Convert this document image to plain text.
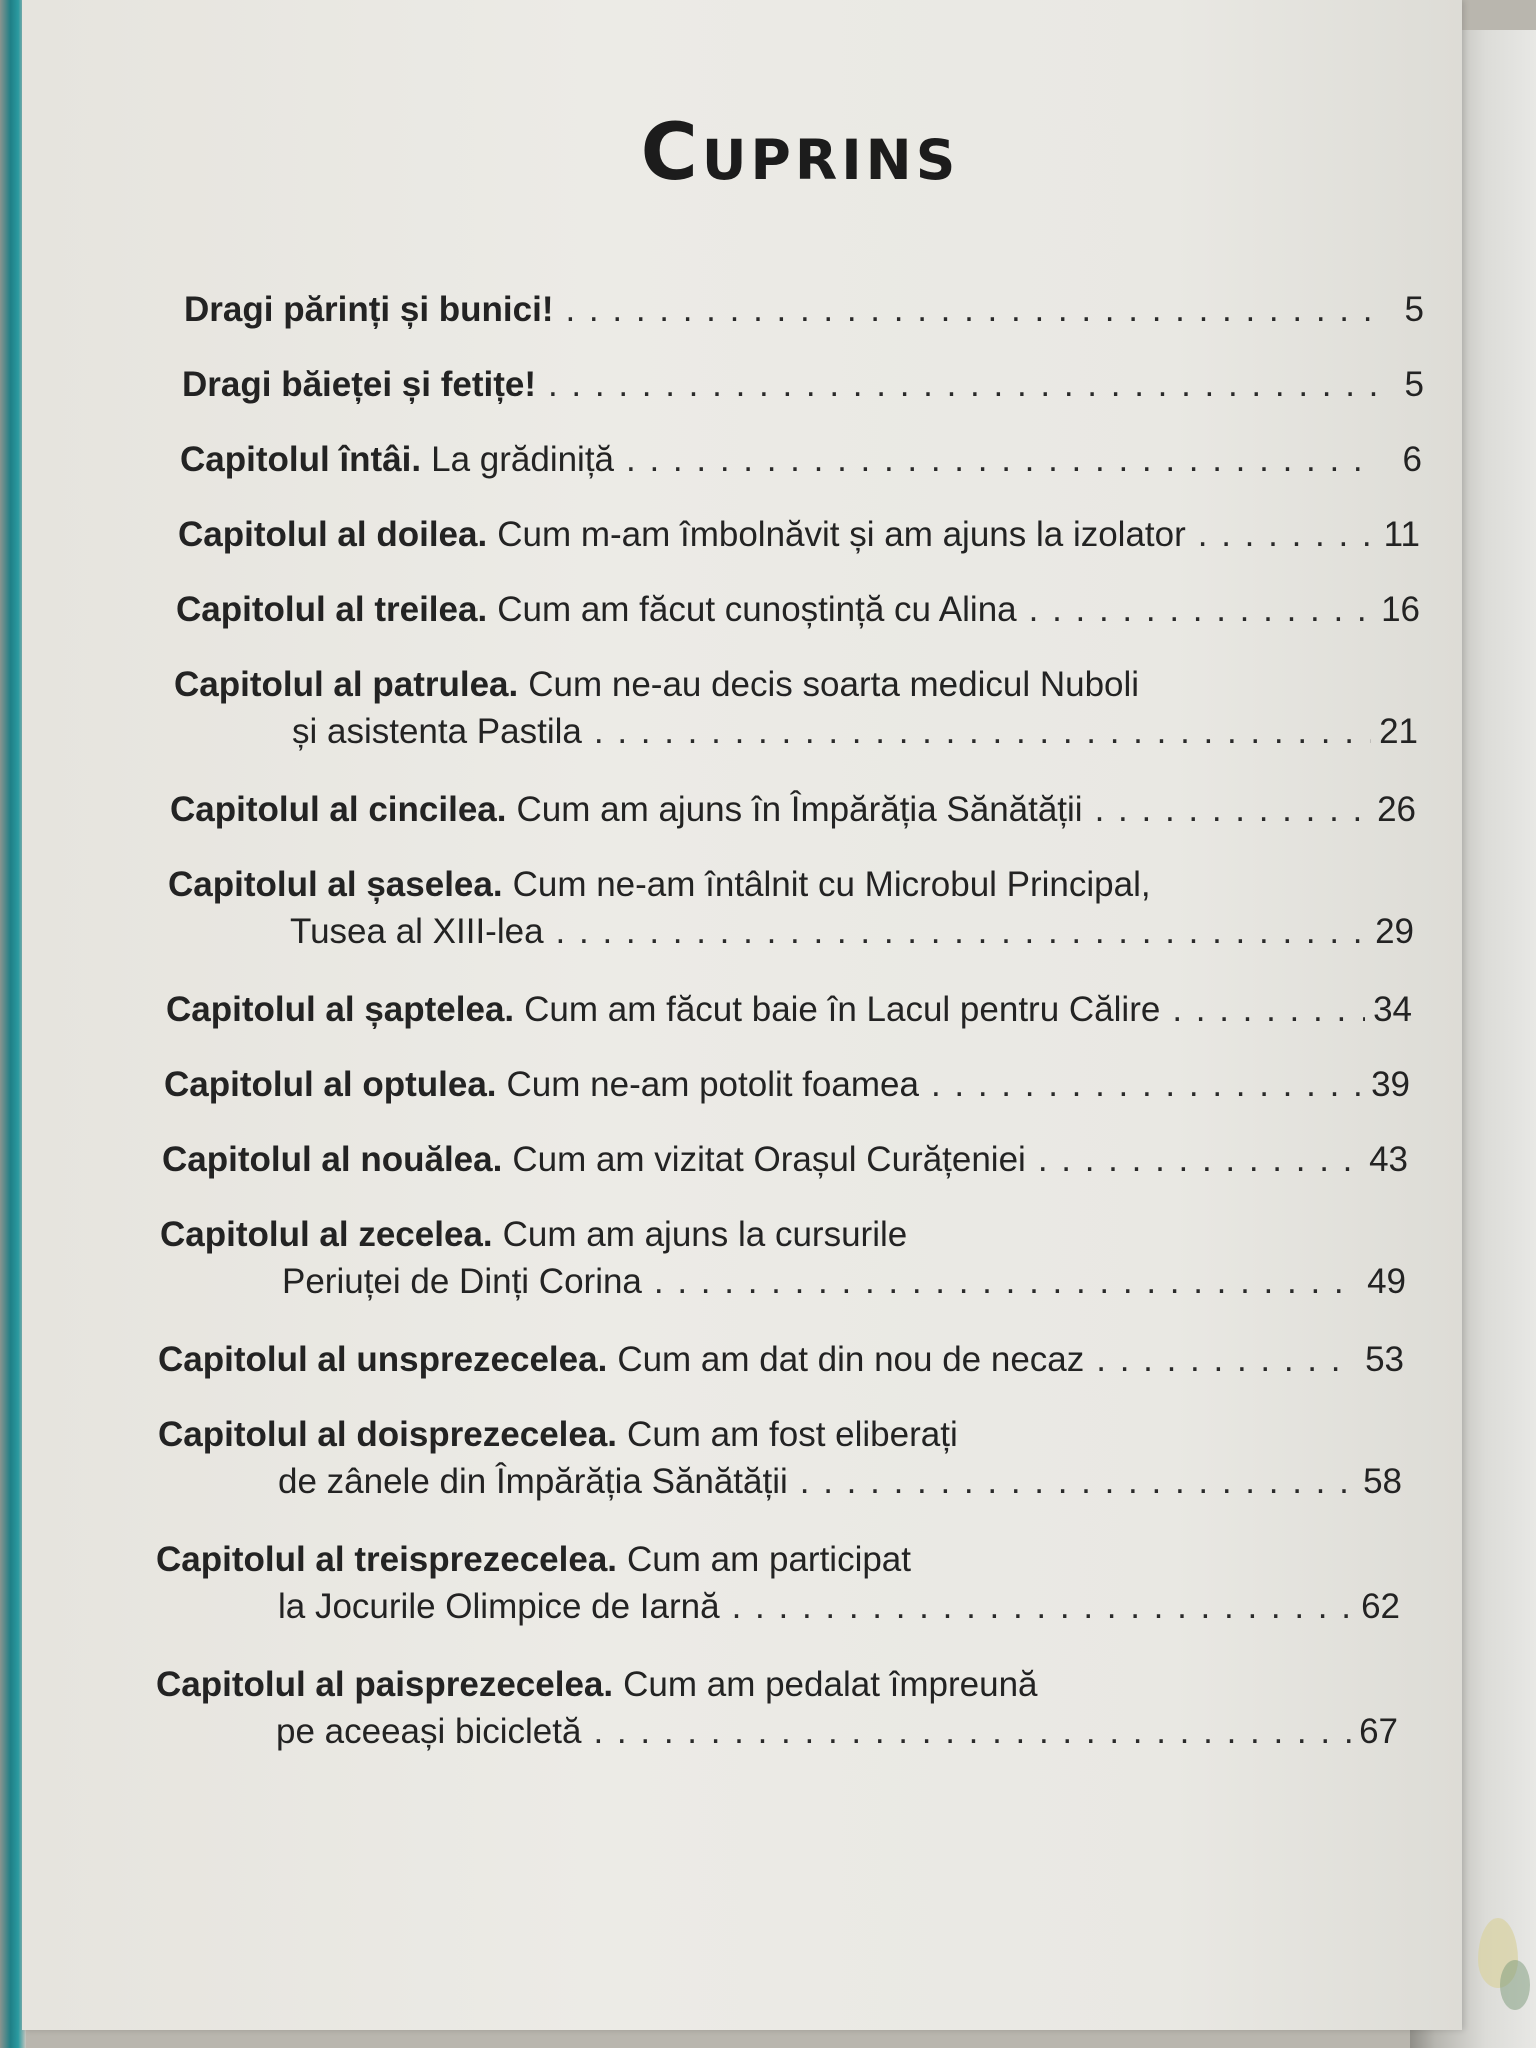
Cuprins
Dragi părinți și bunici! . . .	5
Dragi băieței și fetițe! . . .	5
Capitolul întâi. La grădiniță . . .	6
Capitolul al doilea. Cum m-am îmbolnăvit și am ajuns la izolator . . .	11
Capitolul al treilea. Cum am făcut cunoștință cu Alina . . .	16
Capitolul al patrulea. Cum ne-au decis soarta medicul Nuboli
și asistenta Pastila . . .	21
Capitolul al cincilea. Cum am ajuns în Împărăția Sănătății . . .	26
Capitolul al șaselea. Cum ne-am întâlnit cu Microbul Principal,
Tusea al XIII-lea . . .	29
Capitolul al șaptelea. Cum am făcut baie în Lacul pentru Călire . . .	34
Capitolul al optulea. Cum ne-am potolit foamea . . .	39
Capitolul al nouălea. Cum am vizitat Orașul Curățeniei . . .	43
Capitolul al zecelea. Cum am ajuns la cursurile
Periuței de Dinți Corina . . .	49
Capitolul al unsprezecelea. Cum am dat din nou de necaz . . .	53
Capitolul al doisprezecelea. Cum am fost eliberați
de zânele din Împărăția Sănătății . . .	58
Capitolul al treisprezecelea. Cum am participat
la Jocurile Olimpice de Iarnă . . .	62
Capitolul al paisprezecelea. Cum am pedalat împreună
pe aceeași bicicletă . . .	67
